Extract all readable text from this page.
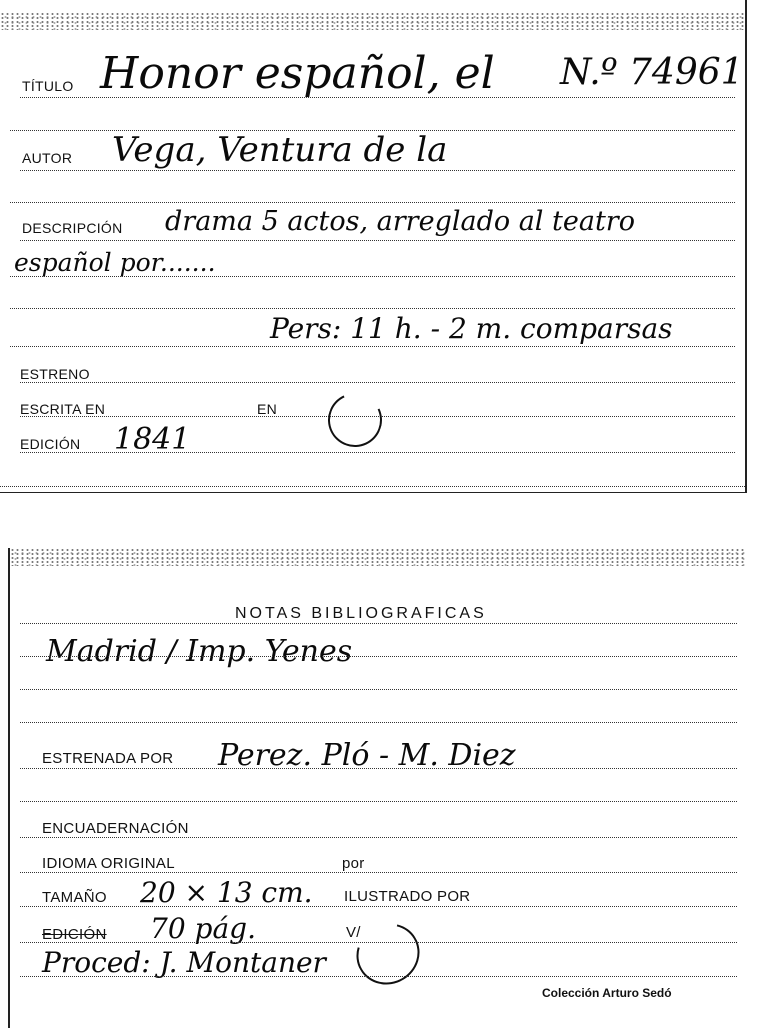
TÍTULO Honor español, el N.º 74961
AUTOR Vega, Ventura de la
DESCRIPCIÓN drama 5 actos, arreglado al teatro
español por.......
Pers: 11 h. - 2 m. comparsas
ESTRENO
ESCRITA EN	EN
EDICIÓN 1841
NOTAS BIBLIOGRAFICAS
Madrid / Imp. Yenes
ESTRENADA POR Perez. Pló - M. Diez
ENCUADERNACIÓN
IDIOMA ORIGINAL	por
TAMAÑO 20 × 13 cm. ILUSTRADO POR
EDICIÓN 70 pág.	V/
Proced: J. Montaner
Colección Arturo Sedó
